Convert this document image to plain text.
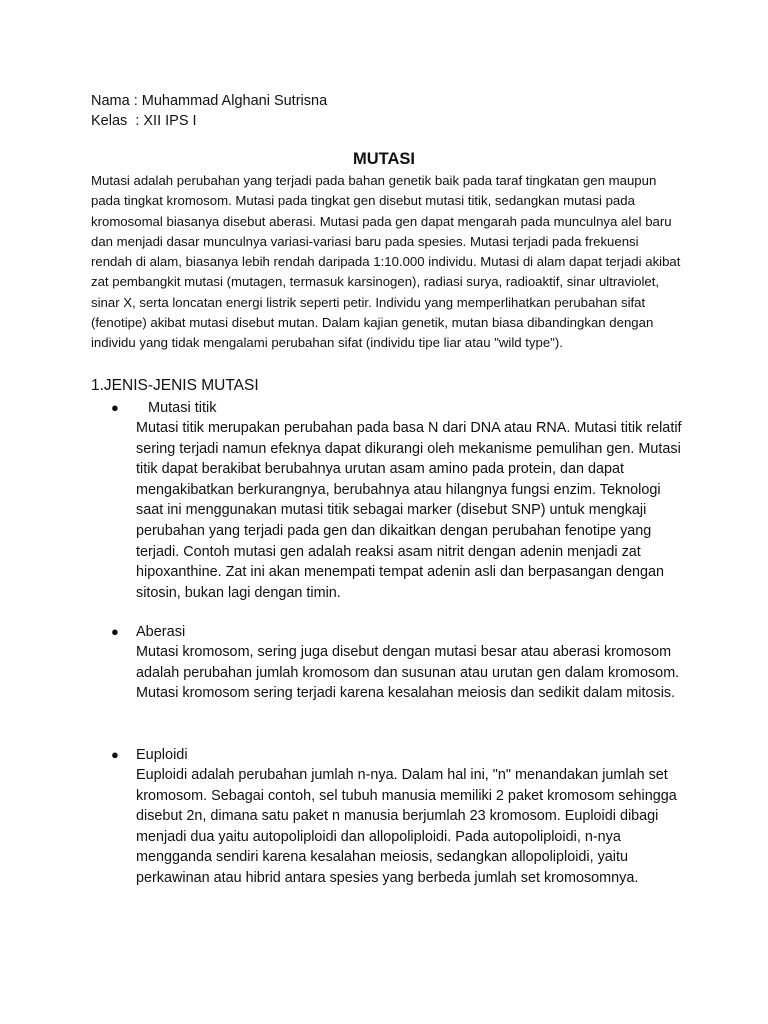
Nama : Muhammad Alghani Sutrisna
Kelas  : XII IPS I
MUTASI

Mutasi adalah perubahan yang terjadi pada bahan genetik baik pada taraf tingkatan gen maupun pada tingkat kromosom. Mutasi pada tingkat gen disebut mutasi titik, sedangkan mutasi pada kromosomal biasanya disebut aberasi. Mutasi pada gen dapat mengarah pada munculnya alel baru dan menjadi dasar munculnya variasi-variasi baru pada spesies. Mutasi terjadi pada frekuensi rendah di alam, biasanya lebih rendah daripada 1:10.000 individu. Mutasi di alam dapat terjadi akibat zat pembangkit mutasi (mutagen, termasuk karsinogen), radiasi surya, radioaktif, sinar ultraviolet, sinar X, serta loncatan energi listrik seperti petir. Individu yang memperlihatkan perubahan sifat (fenotipe) akibat mutasi disebut mutan. Dalam kajian genetik, mutan biasa dibandingkan dengan individu yang tidak mengalami perubahan sifat (individu tipe liar atau "wild type").

1.JENIS-JENIS MUTASI
● Mutasi titik

Mutasi titik merupakan perubahan pada basa N dari DNA atau RNA. Mutasi titik relatif sering terjadi namun efeknya dapat dikurangi oleh mekanisme pemulihan gen. Mutasi titik dapat berakibat berubahnya urutan asam amino pada protein, dan dapat mengakibatkan berkurangnya, berubahnya atau hilangnya fungsi enzim. Teknologi saat ini menggunakan mutasi titik sebagai marker (disebut SNP) untuk mengkaji perubahan yang terjadi pada gen dan dikaitkan dengan perubahan fenotipe yang terjadi. Contoh mutasi gen adalah reaksi asam nitrit dengan adenin menjadi zat hipoxanthine. Zat ini akan menempati tempat adenin asli dan berpasangan dengan sitosin, bukan lagi dengan timin.

● Aberasi

Mutasi kromosom, sering juga disebut dengan mutasi besar atau aberasi kromosom adalah perubahan jumlah kromosom dan susunan atau urutan gen dalam kromosom. Mutasi kromosom sering terjadi karena kesalahan meiosis dan sedikit dalam mitosis.

● Euploidi

Euploidi adalah perubahan jumlah n-nya. Dalam hal ini, "n" menandakan jumlah set kromosom. Sebagai contoh, sel tubuh manusia memiliki 2 paket kromosom sehingga disebut 2n, dimana satu paket n manusia berjumlah 23 kromosom. Euploidi dibagi menjadi dua yaitu autopoliploidi dan allopoliploidi. Pada autopoliploidi, n-nya mengganda sendiri karena kesalahan meiosis, sedangkan allopoliploidi, yaitu perkawinan atau hibrid antara spesies yang berbeda jumlah set kromosomnya.
